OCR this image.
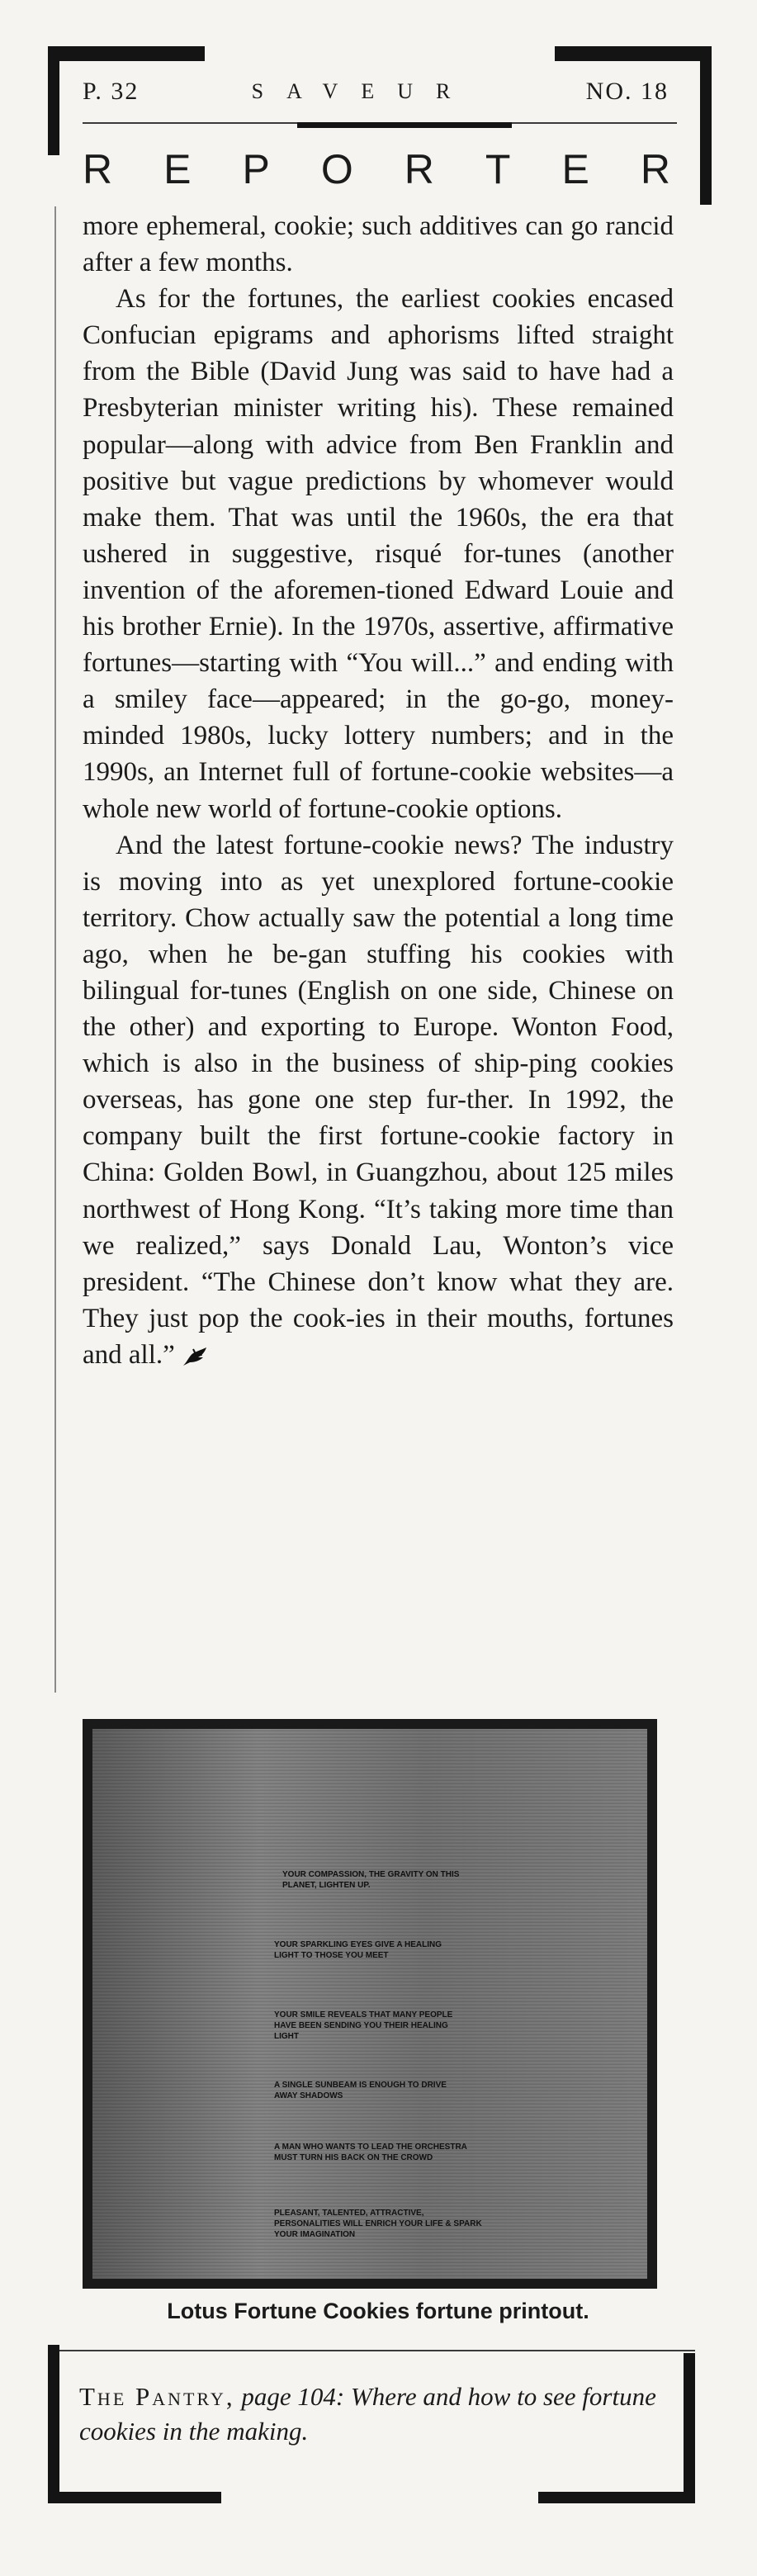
P. 32	SAVEUR	NO. 18
R E P O R T E R

more ephemeral, cookie; such additives can go rancid after a few months.

As for the fortunes, the earliest cookies encased Confucian epigrams and aphorisms lifted straight from the Bible (David Jung was said to have had a Presbyterian minister writing his). These remained popular—along with advice from Ben Franklin and positive but vague predictions by whomever would make them. That was until the 1960s, the era that ushered in suggestive, risqué for-tunes (another invention of the aforemen-tioned Edward Louie and his brother Ernie). In the 1970s, assertive, affirmative fortunes—starting with “You will...” and ending with a smiley face—appeared; in the go-go, money-minded 1980s, lucky lottery numbers; and in the 1990s, an Internet full of fortune-cookie websites—a whole new world of fortune-cookie options.

And the latest fortune-cookie news? The industry is moving into as yet unexplored fortune-cookie territory. Chow actually saw the potential a long time ago, when he be-gan stuffing his cookies with bilingual for-tunes (English on one side, Chinese on the other) and exporting to Europe. Wonton Food, which is also in the business of ship-ping cookies overseas, has gone one step fur-ther. In 1992, the company built the first fortune-cookie factory in China: Golden Bowl, in Guangzhou, about 125 miles northwest of Hong Kong. “It’s taking more time than we realized,” says Donald Lau, Wonton’s vice president. “The Chinese don’t know what they are. They just pop the cook-ies in their mouths, fortunes and all.”

YOUR COMPASSION, THE GRAVITY ON THIS PLANET, LIGHTEN UP.
YOUR SPARKLING EYES GIVE A HEALING LIGHT TO THOSE YOU MEET
YOUR SMILE REVEALS THAT MANY PEOPLE HAVE BEEN SENDING YOU THEIR HEALING LIGHT
A SINGLE SUNBEAM IS ENOUGH TO DRIVE AWAY SHADOWS
A MAN WHO WANTS TO LEAD THE ORCHESTRA MUST TURN HIS BACK ON THE CROWD
PLEASANT, TALENTED, ATTRACTIVE, PERSONALITIES WILL ENRICH YOUR LIFE & SPARK YOUR IMAGINATION
Lotus Fortune Cookies fortune printout.
The Pantry, page 104: Where and how to see fortune cookies in the making.
